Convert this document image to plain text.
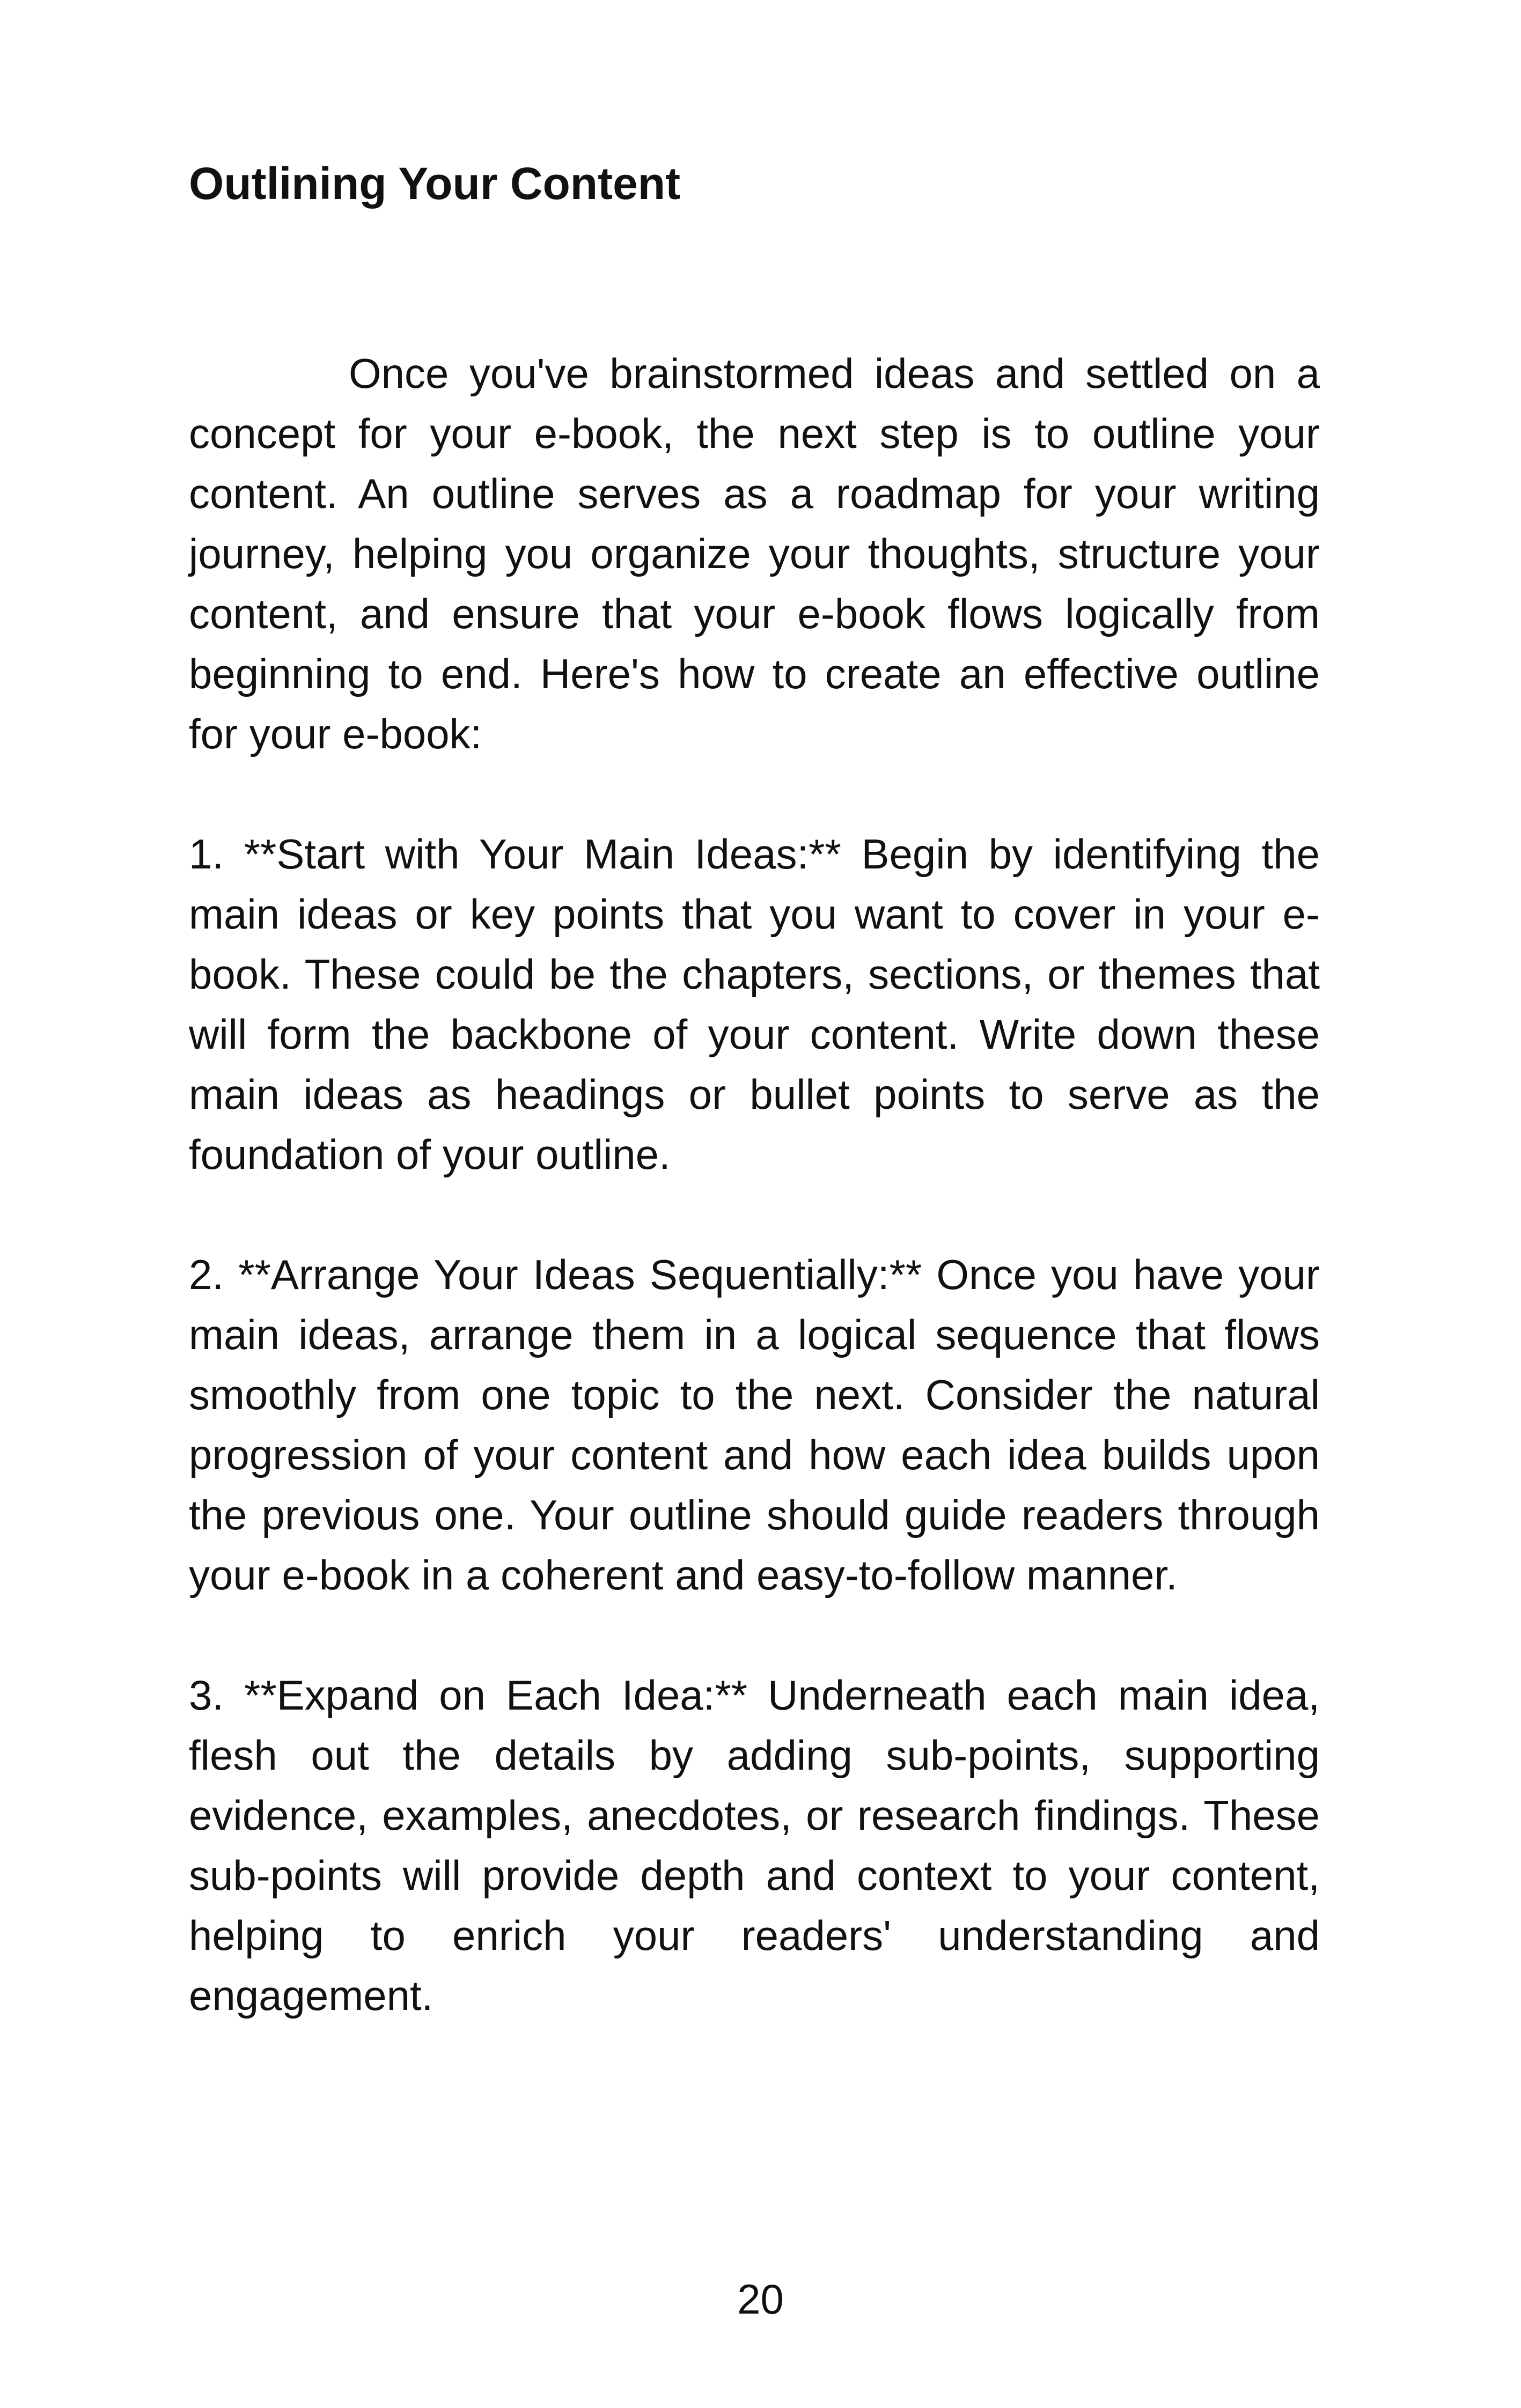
Outlining Your Content

Once you've brainstormed ideas and settled on a concept for your e-book, the next step is to outline your content. An outline serves as a roadmap for your writing journey, helping you organize your thoughts, structure your content, and ensure that your e-book flows logically from beginning to end. Here's how to create an effective outline for your e-book:

1. **Start with Your Main Ideas:** Begin by identifying the main ideas or key points that you want to cover in your e-book. These could be the chapters, sections, or themes that will form the backbone of your content. Write down these main ideas as headings or bullet points to serve as the foundation of your outline.

2. **Arrange Your Ideas Sequentially:** Once you have your main ideas, arrange them in a logical sequence that flows smoothly from one topic to the next. Consider the natural progression of your content and how each idea builds upon the previous one. Your outline should guide readers through your e-book in a coherent and easy-to-follow manner.

3. **Expand on Each Idea:** Underneath each main idea, flesh out the details by adding sub-points, supporting evidence, examples, anecdotes, or research findings. These sub-points will provide depth and context to your content, helping to enrich your readers' understanding and engagement.

20
